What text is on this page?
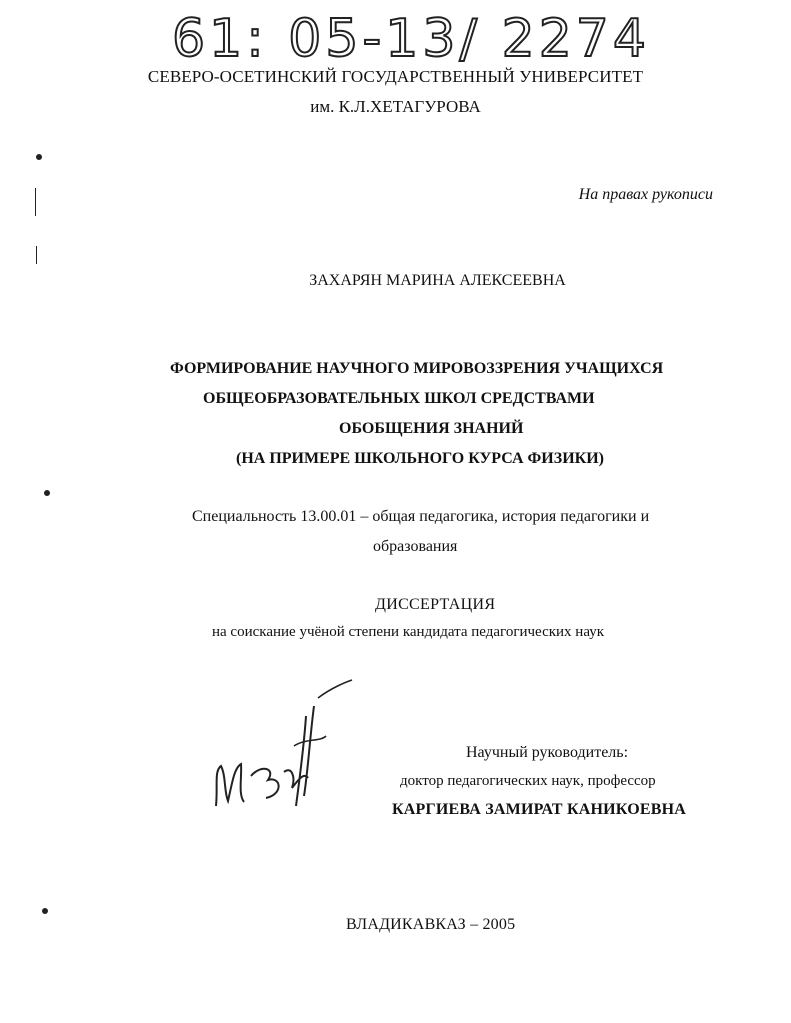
61: 05-13/ 2274
СЕВЕРО-ОСЕТИНСКИЙ ГОСУДАРСТВЕННЫЙ УНИВЕРСИТЕТ
им. К.Л.ХЕТАГУРОВА
На правах рукописи
ЗАХАРЯН МАРИНА АЛЕКСЕЕВНА
ФОРМИРОВАНИЕ НАУЧНОГО МИРОВОЗЗРЕНИЯ УЧАЩИХСЯ
ОБЩЕОБРАЗОВАТЕЛЬНЫХ ШКОЛ СРЕДСТВАМИ
ОБОБЩЕНИЯ ЗНАНИЙ
(НА ПРИМЕРЕ ШКОЛЬНОГО КУРСА ФИЗИКИ)
Специальность 13.00.01 – общая педагогика, история педагогики и
образования
ДИССЕРТАЦИЯ
на соискание учёной степени кандидата педагогических наук
Научный руководитель:
доктор педагогических наук, профессор
КАРГИЕВА ЗАМИРАТ КАНИКОЕВНА
ВЛАДИКАВКАЗ – 2005
